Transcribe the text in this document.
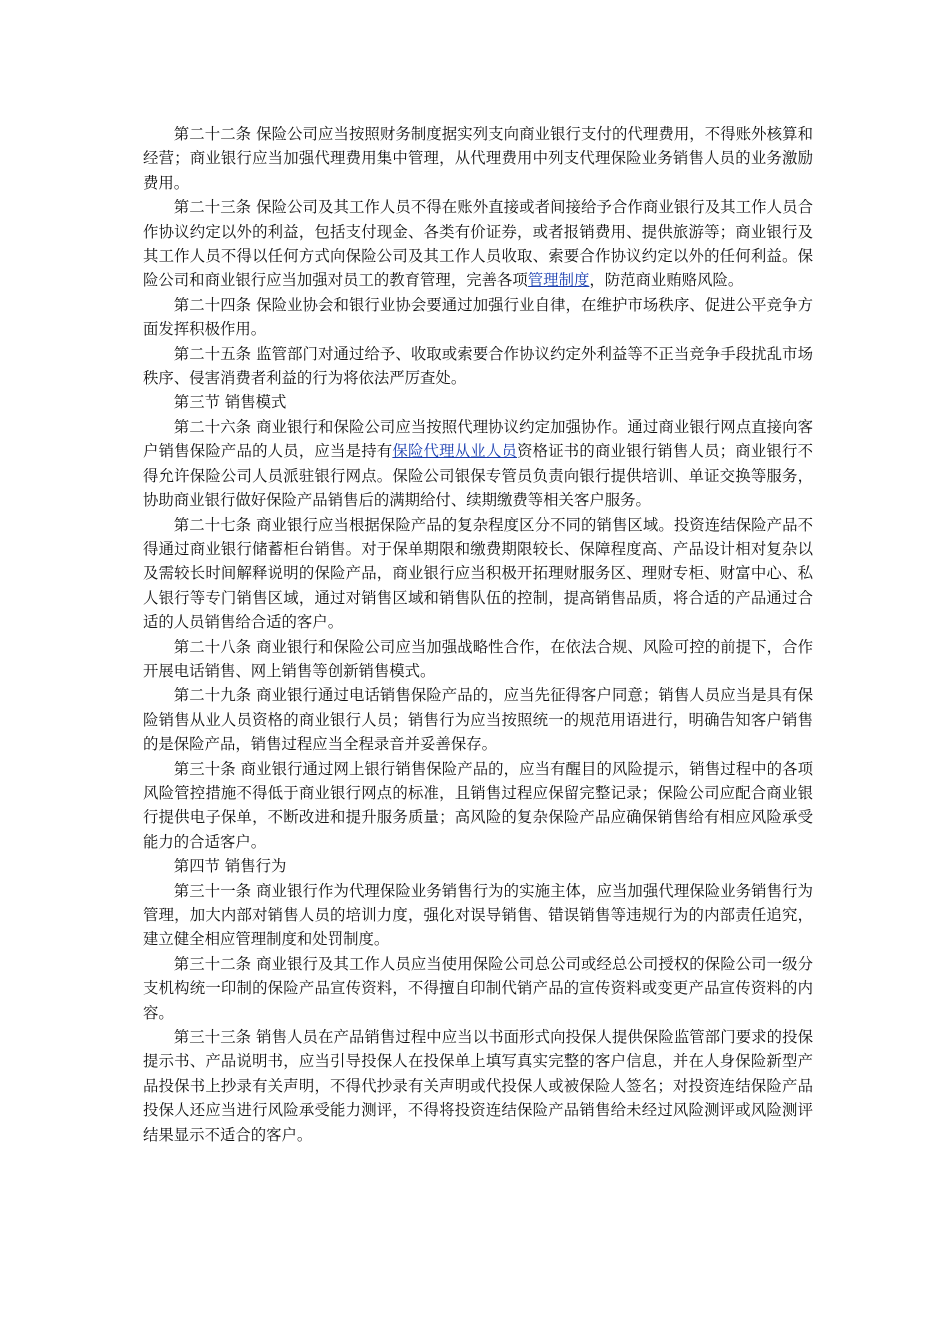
第二十二条 保险公司应当按照财务制度据实列支向商业银行支付的代理费用，不得账外核算和经营；商业银行应当加强代理费用集中管理，从代理费用中列支代理保险业务销售人员的业务激励费用。

第二十三条 保险公司及其工作人员不得在账外直接或者间接给予合作商业银行及其工作人员合作协议约定以外的利益，包括支付现金、各类有价证券，或者报销费用、提供旅游等；商业银行及其工作人员不得以任何方式向保险公司及其工作人员收取、索要合作协议约定以外的任何利益。保险公司和商业银行应当加强对员工的教育管理，完善各项管理制度，防范商业贿赂风险。

第二十四条 保险业协会和银行业协会要通过加强行业自律，在维护市场秩序、促进公平竞争方面发挥积极作用。

第二十五条 监管部门对通过给予、收取或索要合作协议约定外利益等不正当竞争手段扰乱市场秩序、侵害消费者利益的行为将依法严厉查处。

第三节 销售模式

第二十六条 商业银行和保险公司应当按照代理协议约定加强协作。通过商业银行网点直接向客户销售保险产品的人员，应当是持有保险代理从业人员资格证书的商业银行销售人员；商业银行不得允许保险公司人员派驻银行网点。保险公司银保专管员负责向银行提供培训、单证交换等服务，协助商业银行做好保险产品销售后的满期给付、续期缴费等相关客户服务。

第二十七条 商业银行应当根据保险产品的复杂程度区分不同的销售区域。投资连结保险产品不得通过商业银行储蓄柜台销售。对于保单期限和缴费期限较长、保障程度高、产品设计相对复杂以及需较长时间解释说明的保险产品，商业银行应当积极开拓理财服务区、理财专柜、财富中心、私人银行等专门销售区域，通过对销售区域和销售队伍的控制，提高销售品质，将合适的产品通过合适的人员销售给合适的客户。

第二十八条 商业银行和保险公司应当加强战略性合作，在依法合规、风险可控的前提下，合作开展电话销售、网上销售等创新销售模式。

第二十九条 商业银行通过电话销售保险产品的，应当先征得客户同意；销售人员应当是具有保险销售从业人员资格的商业银行人员；销售行为应当按照统一的规范用语进行，明确告知客户销售的是保险产品，销售过程应当全程录音并妥善保存。

第三十条 商业银行通过网上银行销售保险产品的，应当有醒目的风险提示，销售过程中的各项风险管控措施不得低于商业银行网点的标准，且销售过程应保留完整记录；保险公司应配合商业银行提供电子保单，不断改进和提升服务质量；高风险的复杂保险产品应确保销售给有相应风险承受能力的合适客户。

第四节 销售行为

第三十一条 商业银行作为代理保险业务销售行为的实施主体，应当加强代理保险业务销售行为管理，加大内部对销售人员的培训力度，强化对误导销售、错误销售等违规行为的内部责任追究，建立健全相应管理制度和处罚制度。

第三十二条 商业银行及其工作人员应当使用保险公司总公司或经总公司授权的保险公司一级分支机构统一印制的保险产品宣传资料，不得擅自印制代销产品的宣传资料或变更产品宣传资料的内容。

第三十三条 销售人员在产品销售过程中应当以书面形式向投保人提供保险监管部门要求的投保提示书、产品说明书，应当引导投保人在投保单上填写真实完整的客户信息，并在人身保险新型产品投保书上抄录有关声明，不得代抄录有关声明或代投保人或被保险人签名；对投资连结保险产品投保人还应当进行风险承受能力测评，不得将投资连结保险产品销售给未经过风险测评或风险测评结果显示不适合的客户。
